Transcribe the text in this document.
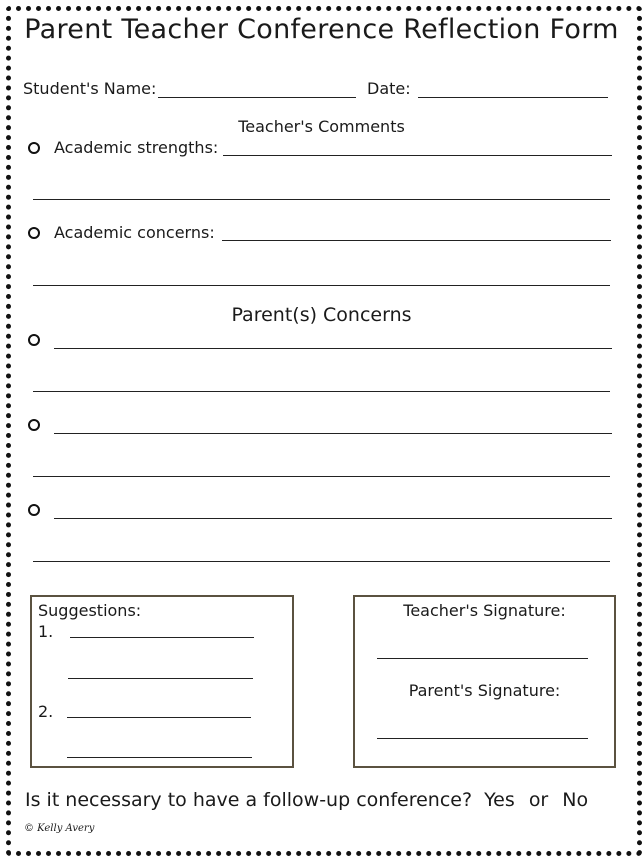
Parent Teacher Conference Reflection Form
Student's Name:	Date:
Teacher's Comments
Academic strengths:
Academic concerns:
Parent(s) Concerns
Suggestions:
1.
2.
Teacher's Signature:
Parent's Signature:
Is it necessary to have a follow-up conference? Yes or No
© Kelly Avery
